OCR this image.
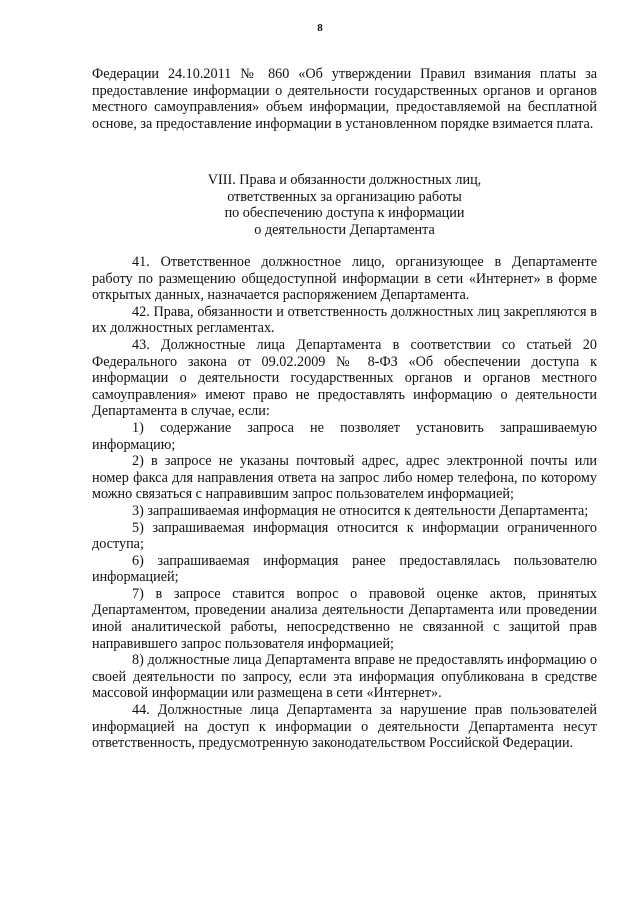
8

Федерации 24.10.2011 № 860 «Об утверждении Правил взимания платы за предоставление информации о деятельности государственных органов и органов местного самоуправления» объем информации, предоставляемой на бесплатной основе, за предоставление информации в установленном порядке взимается плата.

VIII. Права и обязанности должностных лиц,
ответственных за организацию работы
по обеспечению доступа к информации
о деятельности Департамента

41. Ответственное должностное лицо, организующее в Департаменте работу по размещению общедоступной информации в сети «Интернет» в форме открытых данных, назначается распоряжением Департамента.

42. Права, обязанности и ответственность должностных лиц закрепляются в их должностных регламентах.

43. Должностные лица Департамента в соответствии со статьей 20 Федерального закона от 09.02.2009 № 8-ФЗ «Об обеспечении доступа к информации о деятельности государственных органов и органов местного самоуправления» имеют право не предоставлять информацию о деятельности Департамента в случае, если:

1) содержание запроса не позволяет установить запрашиваемую информацию;

2) в запросе не указаны почтовый адрес, адрес электронной почты или номер факса для направления ответа на запрос либо номер телефона, по которому можно связаться с направившим запрос пользователем информацией;

3) запрашиваемая информация не относится к деятельности Департамента;

5) запрашиваемая информация относится к информации ограниченного доступа;

6) запрашиваемая информация ранее предоставлялась пользователю информацией;

7) в запросе ставится вопрос о правовой оценке актов, принятых Департаментом, проведении анализа деятельности Департамента или проведении иной аналитической работы, непосредственно не связанной с защитой прав направившего запрос пользователя информацией;

8) должностные лица Департамента вправе не предоставлять информацию о своей деятельности по запросу, если эта информация опубликована в средстве массовой информации или размещена в сети «Интернет».

44. Должностные лица Департамента за нарушение прав пользователей информацией на доступ к информации о деятельности Департамента несут ответственность, предусмотренную законодательством Российской Федерации.
